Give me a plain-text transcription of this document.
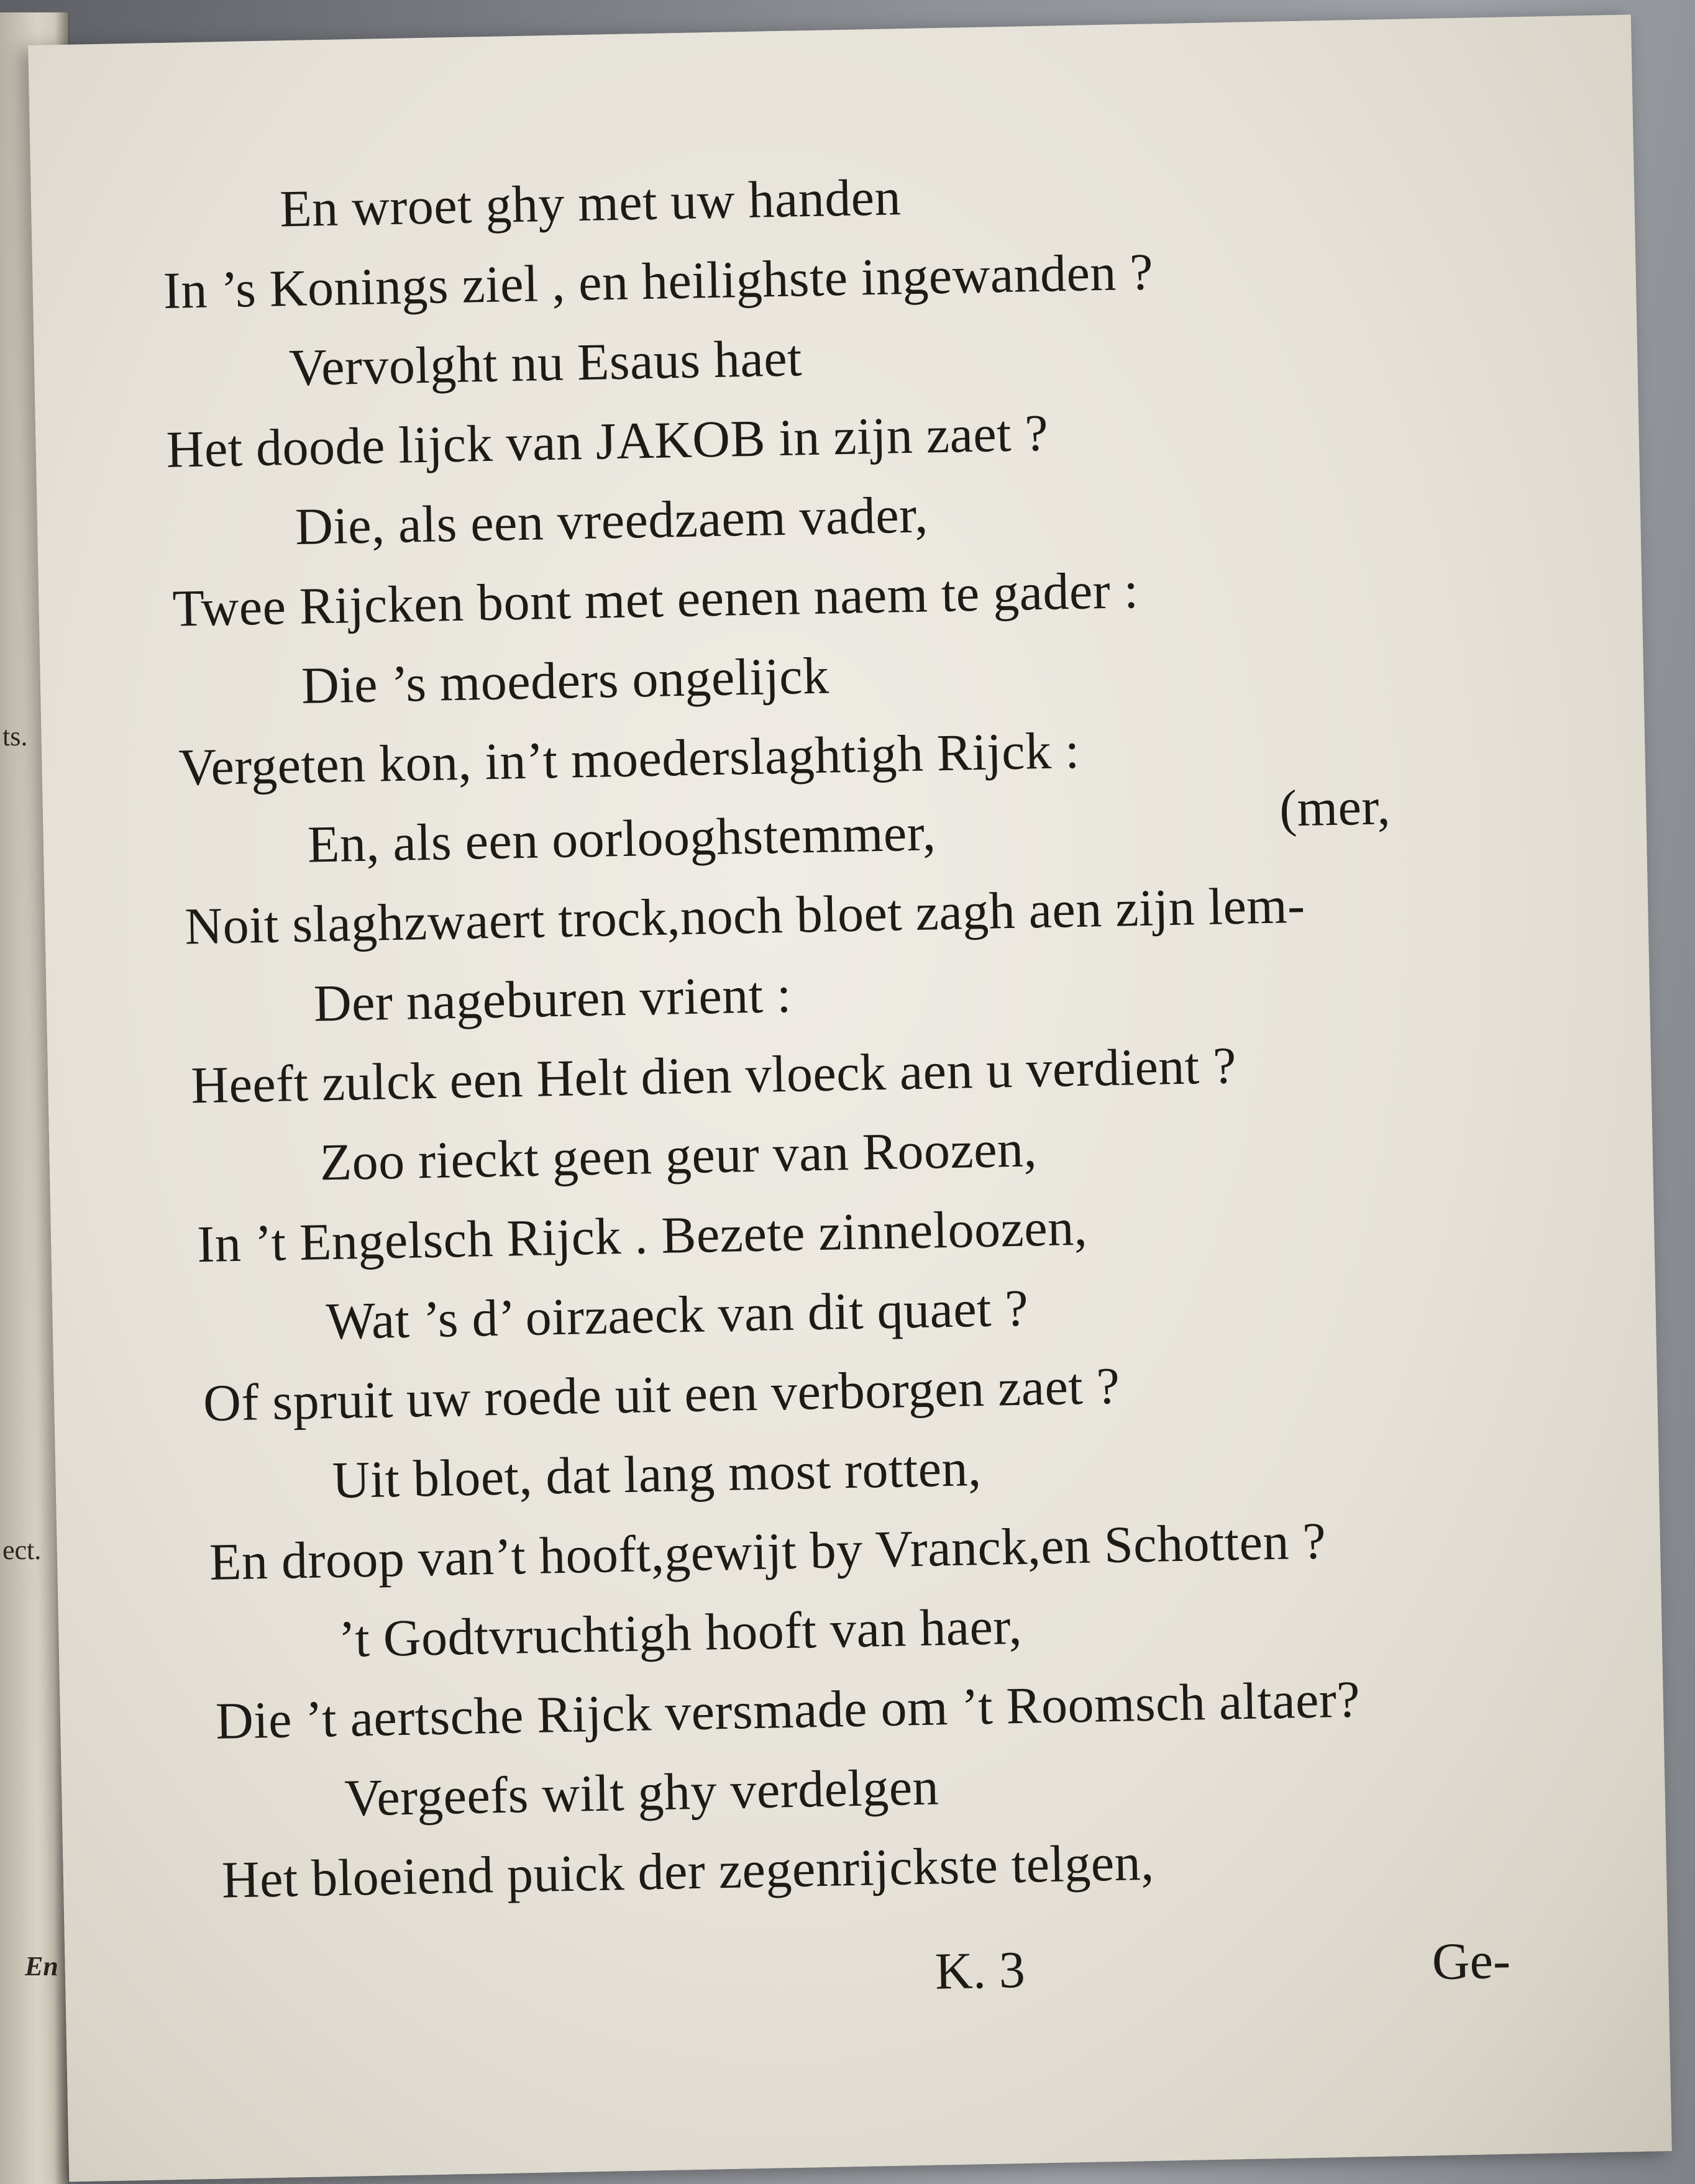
ts.
ect.
En
En wroet ghy met uw handen
In ’s Konings ziel , en heilighste ingewanden ?
Vervolght nu Esaus haet
Het doode lijck van JAKOB in zijn zaet ?
Die, als een vreedzaem vader,
Twee Rijcken bont met eenen naem te gader :
Die ’s moeders ongelijck
Vergeten kon, in’t moederslaghtigh Rijck :
En, als een oorlooghstemmer,	(mer,
Noit slaghzwaert trock,noch bloet zagh aen zijn lem-
Der nageburen vrient :
Heeft zulck een Helt dien vloeck aen u verdient ?
Zoo rieckt geen geur van Roozen,
In ’t Engelsch Rijck . Bezete zinneloozen,
Wat ’s d’ oirzaeck van dit quaet ?
Of spruit uw roede uit een verborgen zaet ?
Uit bloet, dat lang most rotten,
En droop van’t hooft,gewijt by Vranck,en Schotten ?
’t Godtvruchtigh hooft van haer,
Die ’t aertsche Rijck versmade om ’t Roomsch altaer?
Vergeefs wilt ghy verdelgen
Het bloeiend puick der zegenrijckste telgen,
K. 3	Ge-
